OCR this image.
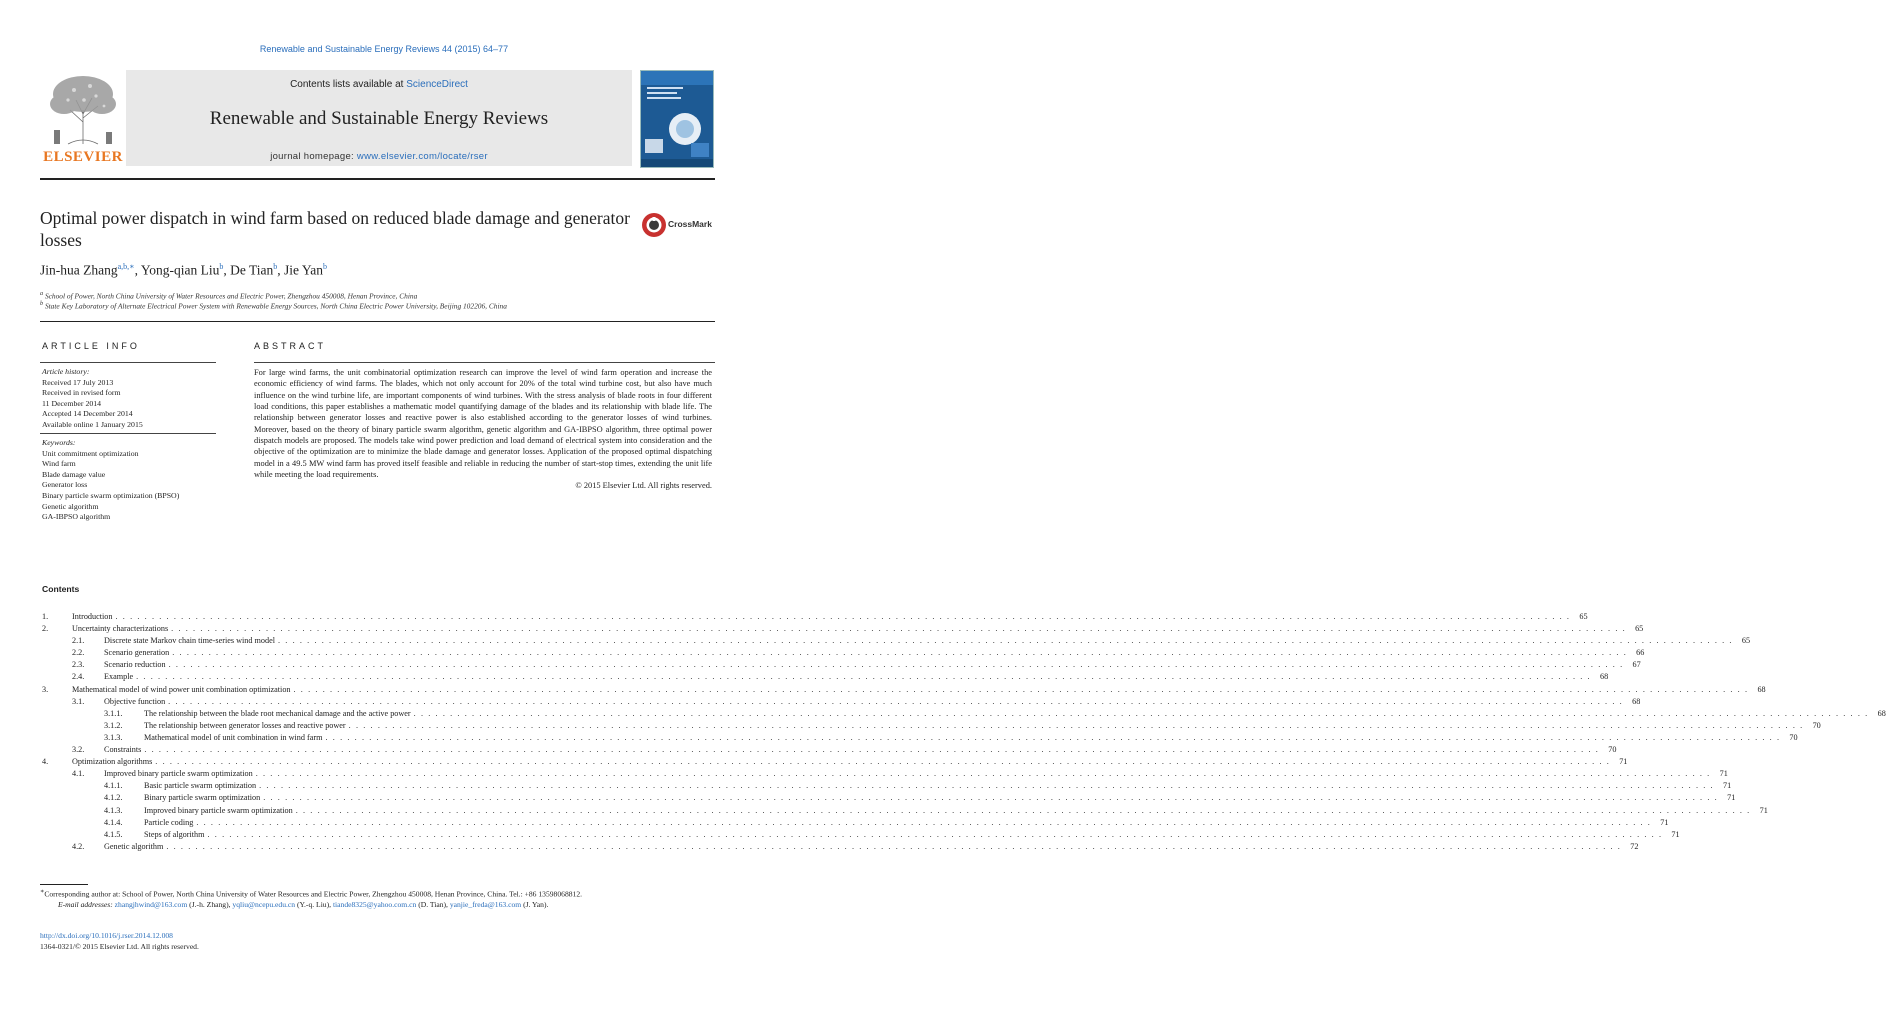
Renewable and Sustainable Energy Reviews 44 (2015) 64–77
ELSEVIER
Contents lists available at ScienceDirect
Renewable and Sustainable Energy Reviews
journal homepage: www.elsevier.com/locate/rser
Optimal power dispatch in wind farm based on reduced blade damage and generator losses
CrossMark
Jin-hua Zhang$^{a,b,∗}$, Yong-qian Liu$^b$, De Tian$^b$, Jie Yan$^b$
$^a$ School of Power, North China University of Water Resources and Electric Power, Zhengzhou 450008, Henan Province, China
$^b$ State Key Laboratory of Alternate Electrical Power System with Renewable Energy Sources, North China Electric Power University, Beijing 102206, China
ARTICLE INFO
Article history:
Received 17 July 2013
Received in revised form
11 December 2014
Accepted 14 December 2014
Available online 1 January 2015
Keywords:
Unit commitment optimization
Wind farm
Blade damage value
Generator loss
Binary particle swarm optimization (BPSO)
Genetic algorithm
GA-IBPSO algorithm
ABSTRACT
For large wind farms, the unit combinatorial optimization research can improve the level of wind farm operation and increase the economic efficiency of wind farms. The blades, which not only account for 20% of the total wind turbine cost, but also have much influence on the wind turbine life, are important components of wind turbines. With the stress analysis of blade roots in four different load conditions, this paper establishes a mathematic model quantifying damage of the blades and its relationship with blade life. The relationship between generator losses and reactive power is also established according to the generator losses of wind turbines. Moreover, based on the theory of binary particle swarm algorithm, genetic algorithm and GA-IBPSO algorithm, three optimal power dispatch models are proposed. The models take wind power prediction and load demand of electrical system into consideration and the objective of the optimization are to minimize the blade damage and generator losses. Application of the proposed optimal dispatching model in a 49.5 MW wind farm has proved itself feasible and reliable in reducing the number of start-stop times, extending the unit life while meeting the load requirements.
© 2015 Elsevier Ltd. All rights reserved.
Contents
1.	Introduction . . . . . . . . . . . . . . . . . . . . . . . . . . . . . . . . . . . . . . . . . . . . . . . . . . . . . . . . . . . . . . . . . . . . . . . . . . . . . . . . . . . . . . . . . . . . . . . . . . . . . . . . . . . . . . . . . . . . . . . . . . . . . . . . . . . . . . . . . . . . . . . . . . . . . . . . . . . . . . . . . . . . . . . . . . . . . . . . . . . . . . . . . . . . . . . . . . . . . . . .	65
2.	Uncertainty characterizations . . . . . . . . . . . . . . . . . . . . . . . . . . . . . . . . . . . . . . . . . . . . . . . . . . . . . . . . . . . . . . . . . . . . . . . . . . . . . . . . . . . . . . . . . . . . . . . . . . . . . . . . . . . . . . . . . . . . . . . . . . . . . . . . . . . . . . . . . . . . . . . . . . . . . . . . . . . . . . . . . . . . . . . . . . . . . . . . . . . . . . . . . . . . . . . . . . . . . . . .	65
2.1.	Discrete state Markov chain time-series wind model . . . . . . . . . . . . . . . . . . . . . . . . . . . . . . . . . . . . . . . . . . . . . . . . . . . . . . . . . . . . . . . . . . . . . . . . . . . . . . . . . . . . . . . . . . . . . . . . . . . . . . . . . . . . . . . . . . . . . . . . . . . . . . . . . . . . . . . . . . . . . . . . . . . . . . . . . . . . . . . . . . . . . . . . . . . . . . . . . . . . . . . . . . . . . . . . . . . . . . . .	65
2.2.	Scenario generation . . . . . . . . . . . . . . . . . . . . . . . . . . . . . . . . . . . . . . . . . . . . . . . . . . . . . . . . . . . . . . . . . . . . . . . . . . . . . . . . . . . . . . . . . . . . . . . . . . . . . . . . . . . . . . . . . . . . . . . . . . . . . . . . . . . . . . . . . . . . . . . . . . . . . . . . . . . . . . . . . . . . . . . . . . . . . . . . . . . . . . . . . . . . . . . . . . . . . . . .	66
2.3.	Scenario reduction . . . . . . . . . . . . . . . . . . . . . . . . . . . . . . . . . . . . . . . . . . . . . . . . . . . . . . . . . . . . . . . . . . . . . . . . . . . . . . . . . . . . . . . . . . . . . . . . . . . . . . . . . . . . . . . . . . . . . . . . . . . . . . . . . . . . . . . . . . . . . . . . . . . . . . . . . . . . . . . . . . . . . . . . . . . . . . . . . . . . . . . . . . . . . . . . . . . . . . . .	67
2.4.	Example . . . . . . . . . . . . . . . . . . . . . . . . . . . . . . . . . . . . . . . . . . . . . . . . . . . . . . . . . . . . . . . . . . . . . . . . . . . . . . . . . . . . . . . . . . . . . . . . . . . . . . . . . . . . . . . . . . . . . . . . . . . . . . . . . . . . . . . . . . . . . . . . . . . . . . . . . . . . . . . . . . . . . . . . . . . . . . . . . . . . . . . . . . . . . . . . . . . . . . . .	68
3.	Mathematical model of wind power unit combination optimization . . . . . . . . . . . . . . . . . . . . . . . . . . . . . . . . . . . . . . . . . . . . . . . . . . . . . . . . . . . . . . . . . . . . . . . . . . . . . . . . . . . . . . . . . . . . . . . . . . . . . . . . . . . . . . . . . . . . . . . . . . . . . . . . . . . . . . . . . . . . . . . . . . . . . . . . . . . . . . . . . . . . . . . . . . . . . . . . . . . . . . . . . . . . . . . . . . . . . . . .	68
3.1.	Objective function . . . . . . . . . . . . . . . . . . . . . . . . . . . . . . . . . . . . . . . . . . . . . . . . . . . . . . . . . . . . . . . . . . . . . . . . . . . . . . . . . . . . . . . . . . . . . . . . . . . . . . . . . . . . . . . . . . . . . . . . . . . . . . . . . . . . . . . . . . . . . . . . . . . . . . . . . . . . . . . . . . . . . . . . . . . . . . . . . . . . . . . . . . . . . . . . . . . . . . . .	68
3.1.1.	The relationship between the blade root mechanical damage and the active power . . . . . . . . . . . . . . . . . . . . . . . . . . . . . . . . . . . . . . . . . . . . . . . . . . . . . . . . . . . . . . . . . . . . . . . . . . . . . . . . . . . . . . . . . . . . . . . . . . . . . . . . . . . . . . . . . . . . . . . . . . . . . . . . . . . . . . . . . . . . . . . . . . . . . . . . . . . . . . . . . . . . . . . . . . . . . . . . . . . . . . . . . . . . . . . . . . . . . . . .	68
3.1.2.	The relationship between generator losses and reactive power . . . . . . . . . . . . . . . . . . . . . . . . . . . . . . . . . . . . . . . . . . . . . . . . . . . . . . . . . . . . . . . . . . . . . . . . . . . . . . . . . . . . . . . . . . . . . . . . . . . . . . . . . . . . . . . . . . . . . . . . . . . . . . . . . . . . . . . . . . . . . . . . . . . . . . . . . . . . . . . . . . . . . . . . . . . . . . . . . . . . . . . . . . . . . . . . . . . . . . . .	70
3.1.3.	Mathematical model of unit combination in wind farm . . . . . . . . . . . . . . . . . . . . . . . . . . . . . . . . . . . . . . . . . . . . . . . . . . . . . . . . . . . . . . . . . . . . . . . . . . . . . . . . . . . . . . . . . . . . . . . . . . . . . . . . . . . . . . . . . . . . . . . . . . . . . . . . . . . . . . . . . . . . . . . . . . . . . . . . . . . . . . . . . . . . . . . . . . . . . . . . . . . . . . . . . . . . . . . . . . . . . . . .	70
3.2.	Constraints . . . . . . . . . . . . . . . . . . . . . . . . . . . . . . . . . . . . . . . . . . . . . . . . . . . . . . . . . . . . . . . . . . . . . . . . . . . . . . . . . . . . . . . . . . . . . . . . . . . . . . . . . . . . . . . . . . . . . . . . . . . . . . . . . . . . . . . . . . . . . . . . . . . . . . . . . . . . . . . . . . . . . . . . . . . . . . . . . . . . . . . . . . . . . . . . . . . . . . . .	70
4.	Optimization algorithms . . . . . . . . . . . . . . . . . . . . . . . . . . . . . . . . . . . . . . . . . . . . . . . . . . . . . . . . . . . . . . . . . . . . . . . . . . . . . . . . . . . . . . . . . . . . . . . . . . . . . . . . . . . . . . . . . . . . . . . . . . . . . . . . . . . . . . . . . . . . . . . . . . . . . . . . . . . . . . . . . . . . . . . . . . . . . . . . . . . . . . . . . . . . . . . . . . . . . . . .	71
4.1.	Improved binary particle swarm optimization . . . . . . . . . . . . . . . . . . . . . . . . . . . . . . . . . . . . . . . . . . . . . . . . . . . . . . . . . . . . . . . . . . . . . . . . . . . . . . . . . . . . . . . . . . . . . . . . . . . . . . . . . . . . . . . . . . . . . . . . . . . . . . . . . . . . . . . . . . . . . . . . . . . . . . . . . . . . . . . . . . . . . . . . . . . . . . . . . . . . . . . . . . . . . . . . . . . . . . . .	71
4.1.1.	Basic particle swarm optimization . . . . . . . . . . . . . . . . . . . . . . . . . . . . . . . . . . . . . . . . . . . . . . . . . . . . . . . . . . . . . . . . . . . . . . . . . . . . . . . . . . . . . . . . . . . . . . . . . . . . . . . . . . . . . . . . . . . . . . . . . . . . . . . . . . . . . . . . . . . . . . . . . . . . . . . . . . . . . . . . . . . . . . . . . . . . . . . . . . . . . . . . . . . . . . . . . . . . . . . .	71
4.1.2.	Binary particle swarm optimization . . . . . . . . . . . . . . . . . . . . . . . . . . . . . . . . . . . . . . . . . . . . . . . . . . . . . . . . . . . . . . . . . . . . . . . . . . . . . . . . . . . . . . . . . . . . . . . . . . . . . . . . . . . . . . . . . . . . . . . . . . . . . . . . . . . . . . . . . . . . . . . . . . . . . . . . . . . . . . . . . . . . . . . . . . . . . . . . . . . . . . . . . . . . . . . . . . . . . . . .	71
4.1.3.	Improved binary particle swarm optimization . . . . . . . . . . . . . . . . . . . . . . . . . . . . . . . . . . . . . . . . . . . . . . . . . . . . . . . . . . . . . . . . . . . . . . . . . . . . . . . . . . . . . . . . . . . . . . . . . . . . . . . . . . . . . . . . . . . . . . . . . . . . . . . . . . . . . . . . . . . . . . . . . . . . . . . . . . . . . . . . . . . . . . . . . . . . . . . . . . . . . . . . . . . . . . . . . . . . . . . .	71
4.1.4.	Particle coding . . . . . . . . . . . . . . . . . . . . . . . . . . . . . . . . . . . . . . . . . . . . . . . . . . . . . . . . . . . . . . . . . . . . . . . . . . . . . . . . . . . . . . . . . . . . . . . . . . . . . . . . . . . . . . . . . . . . . . . . . . . . . . . . . . . . . . . . . . . . . . . . . . . . . . . . . . . . . . . . . . . . . . . . . . . . . . . . . . . . . . . . . . . . . . . . . . . . . . . .	71
4.1.5.	Steps of algorithm . . . . . . . . . . . . . . . . . . . . . . . . . . . . . . . . . . . . . . . . . . . . . . . . . . . . . . . . . . . . . . . . . . . . . . . . . . . . . . . . . . . . . . . . . . . . . . . . . . . . . . . . . . . . . . . . . . . . . . . . . . . . . . . . . . . . . . . . . . . . . . . . . . . . . . . . . . . . . . . . . . . . . . . . . . . . . . . . . . . . . . . . . . . . . . . . . . . . . . . .	71
4.2.	Genetic algorithm . . . . . . . . . . . . . . . . . . . . . . . . . . . . . . . . . . . . . . . . . . . . . . . . . . . . . . . . . . . . . . . . . . . . . . . . . . . . . . . . . . . . . . . . . . . . . . . . . . . . . . . . . . . . . . . . . . . . . . . . . . . . . . . . . . . . . . . . . . . . . . . . . . . . . . . . . . . . . . . . . . . . . . . . . . . . . . . . . . . . . . . . . . . . . . . . . . . . . . . .	72
∗Corresponding author at: School of Power, North China University of Water Resources and Electric Power, Zhengzhou 450008, Henan Province, China. Tel.: +86 13598068812.
E-mail addresses: zhangjhwind@163.com (J.-h. Zhang), yqliu@ncepu.edu.cn (Y.-q. Liu), tiande8325@yahoo.com.cn (D. Tian), yanjie_freda@163.com (J. Yan).
http://dx.doi.org/10.1016/j.rser.2014.12.008
1364-0321/© 2015 Elsevier Ltd. All rights reserved.
